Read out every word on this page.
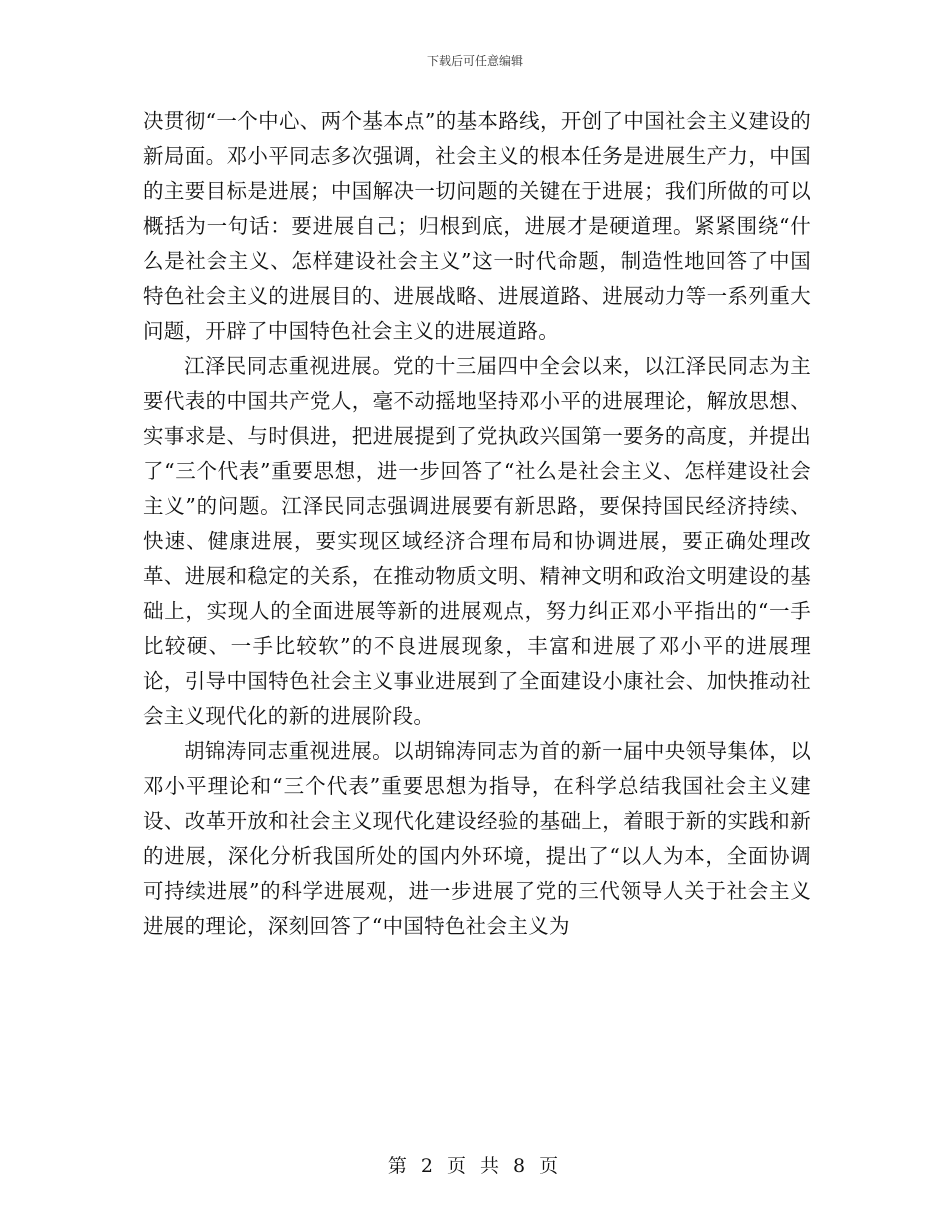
下载后可任意编辑

决贯彻“一个中心、两个基本点”的基本路线，开创了中国社会主义建设的新局面。邓小平同志多次强调，社会主义的根本任务是进展生产力，中国的主要目标是进展；中国解决一切问题的关键在于进展；我们所做的可以概括为一句话：要进展自己；归根到底，进展才是硬道理。紧紧围绕“什么是社会主义、怎样建设社会主义”这一时代命题，制造性地回答了中国特色社会主义的进展目的、进展战略、进展道路、进展动力等一系列重大问题，开辟了中国特色社会主义的进展道路。

江泽民同志重视进展。党的十三届四中全会以来，以江泽民同志为主要代表的中国共产党人，毫不动摇地坚持邓小平的进展理论，解放思想、实事求是、与时俱进，把进展提到了党执政兴国第一要务的高度，并提出了“三个代表”重要思想，进一步回答了“社么是社会主义、怎样建设社会主义”的问题。江泽民同志强调进展要有新思路，要保持国民经济持续、快速、健康进展，要实现区域经济合理布局和协调进展，要正确处理改革、进展和稳定的关系，在推动物质文明、精神文明和政治文明建设的基础上，实现人的全面进展等新的进展观点，努力纠正邓小平指出的“一手比较硬、一手比较软”的不良进展现象，丰富和进展了邓小平的进展理论，引导中国特色社会主义事业进展到了全面建设小康社会、加快推动社会主义现代化的新的进展阶段。

胡锦涛同志重视进展。以胡锦涛同志为首的新一届中央领导集体，以邓小平理论和“三个代表”重要思想为指导，在科学总结我国社会主义建设、改革开放和社会主义现代化建设经验的基础上，着眼于新的实践和新的进展，深化分析我国所处的国内外环境，提出了“以人为本，全面协调可持续进展”的科学进展观，进一步进展了党的三代领导人关于社会主义进展的理论，深刻回答了“中国特色社会主义为

第 2 页 共 8 页
